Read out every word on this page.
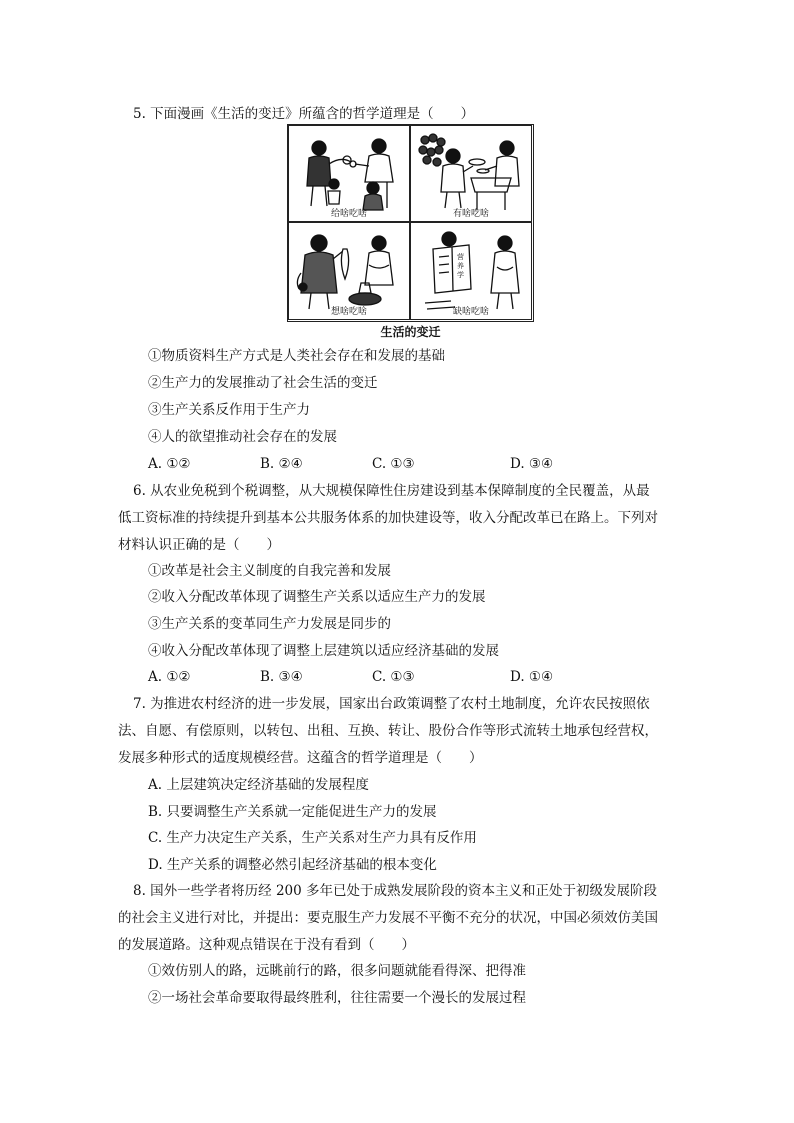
5. 下面漫画《生活的变迁》所蕴含的哲学道理是（　　）
给啥吃啥	有啥吃啥
想啥吃啥
营
养
学
缺啥吃啥
生活的变迁
①物质资料生产方式是人类社会存在和发展的基础
②生产力的发展推动了社会生活的变迁
③生产关系反作用于生产力
④人的欲望推动社会存在的发展
A. ①②	B. ②④	C. ①③	D. ③④
6. 从农业免税到个税调整，从大规模保障性住房建设到基本保障制度的全民覆盖，从最
低工资标准的持续提升到基本公共服务体系的加快建设等，收入分配改革已在路上。下列对
材料认识正确的是（　　）
①改革是社会主义制度的自我完善和发展
②收入分配改革体现了调整生产关系以适应生产力的发展
③生产关系的变革同生产力发展是同步的
④收入分配改革体现了调整上层建筑以适应经济基础的发展
A. ①②	B. ③④	C. ①③	D. ①④
7. 为推进农村经济的进一步发展，国家出台政策调整了农村土地制度，允许农民按照依
法、自愿、有偿原则，以转包、出租、互换、转让、股份合作等形式流转土地承包经营权，
发展多种形式的适度规模经营。这蕴含的哲学道理是（　　）
A. 上层建筑决定经济基础的发展程度
B. 只要调整生产关系就一定能促进生产力的发展
C. 生产力决定生产关系，生产关系对生产力具有反作用
D. 生产关系的调整必然引起经济基础的根本变化
8. 国外一些学者将历经 200 多年已处于成熟发展阶段的资本主义和正处于初级发展阶段
的社会主义进行对比，并提出：要克服生产力发展不平衡不充分的状况，中国必须效仿美国
的发展道路。这种观点错误在于没有看到（　　）
①效仿别人的路，远眺前行的路，很多问题就能看得深、把得准
②一场社会革命要取得最终胜利，往往需要一个漫长的发展过程
